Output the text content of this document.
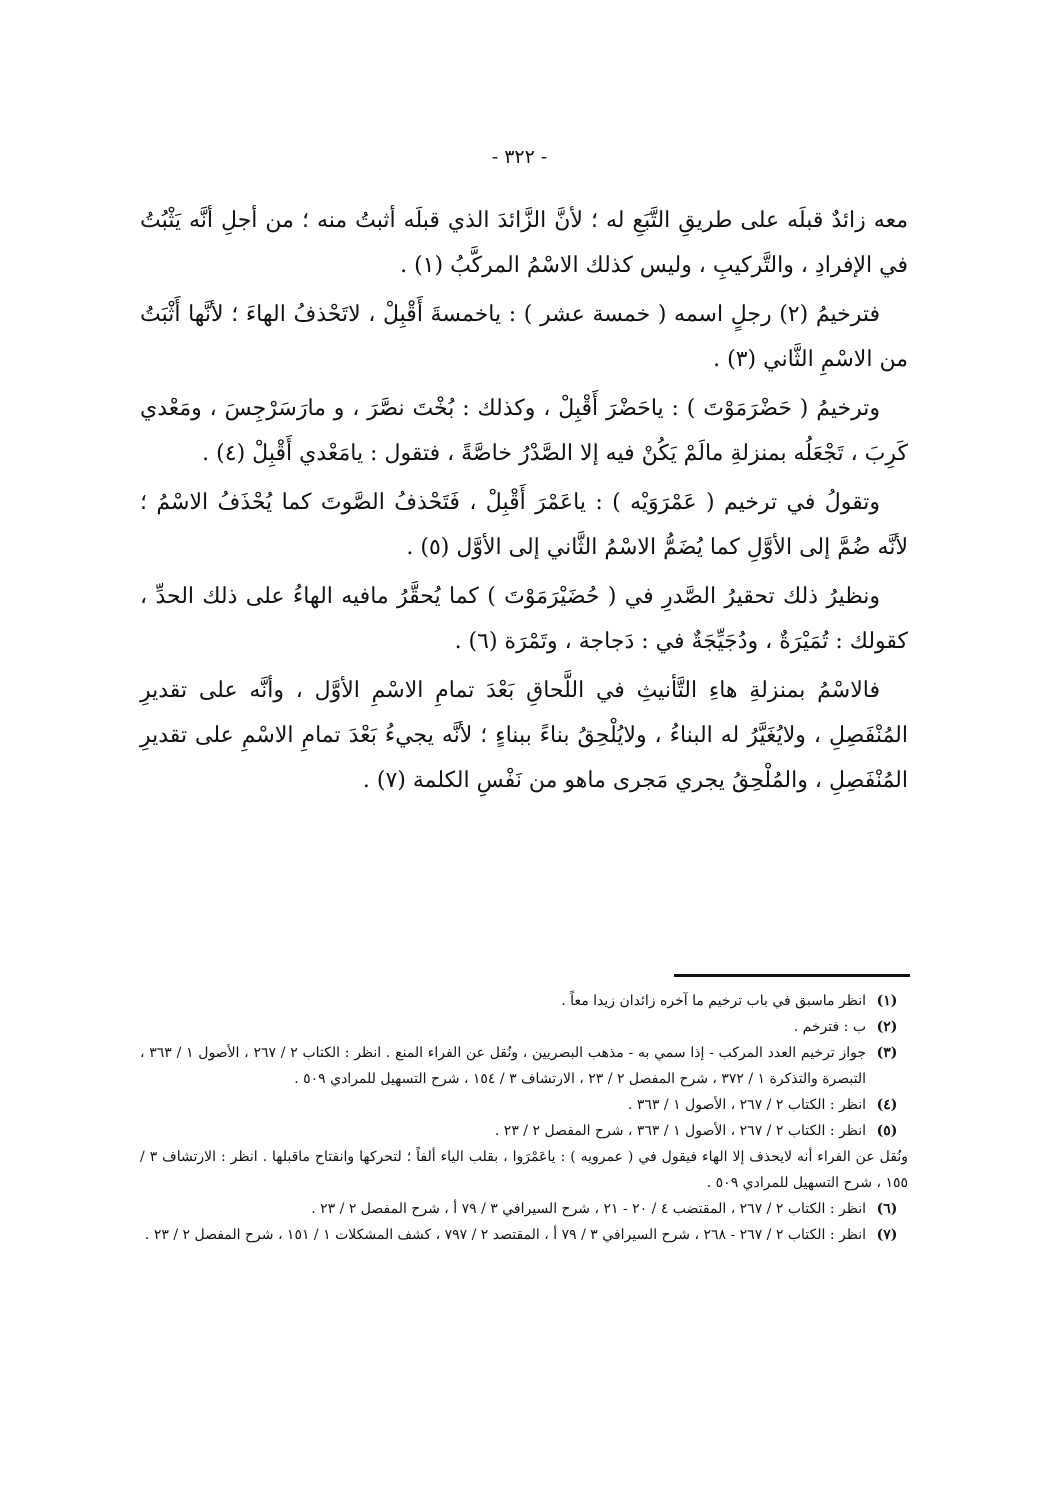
- ٣٢٢ -

معه زائدٌ قبلَه على طريقِ التَّبَعِ له ؛ لأنَّ الزَّائدَ الذي قبلَه أثبتُ منه ؛ من أجلِ أنَّه يَثْبُتُ في الإفرادِ ، والتَّركيبِ ، وليس كذلك الاسْمُ المركَّبُ (١) .

فترخيمُ (٢) رجلٍ اسمه ( خمسة عشر ) : ياخمسةَ أَقْبِلْ ، لاتَحْذفُ الهاءَ ؛ لأنَّها أَثْبَتُ من الاسْمِ الثَّاني (٣) .

وترخيمُ ( حَضْرَمَوْتَ ) : ياحَضْرَ أَقْبِلْ ، وكذلك : بُخْتَ نصَّرَ ، و مارَسَرْجِسَ ، ومَعْدي كَرِبَ ، تَجْعَلُه بمنزلةِ مالَمْ يَكُنْ فيه إلا الصَّدْرُ خاصَّةً ، فتقول : يامَعْدي أَقْبِلْ (٤) .

وتقولُ في ترخيم ( عَمْرَوَيْه ) : ياعَمْرَ أَقْبِلْ ، فَتَحْذفُ الصَّوتَ كما يُحْذَفُ الاسْمُ ؛ لأنَّه ضُمَّ إلى الأوَّلِ كما يُضَمُّ الاسْمُ الثَّاني إلى الأوَّل (٥) .

ونظيرُ ذلك تحقيرُ الصَّدرِ في ( حُضَيْرَمَوْتَ ) كما يُحقَّرُ مافيه الهاءُ على ذلك الحدِّ ، كقولك : تُمَيْرَةٌ ، ودُجَيِّجَةٌ في : دَجاجة ، وتَمْرَة (٦) .

فالاسْمُ بمنزلةِ هاءِ التَّأنيثِ في اللَّحاقِ بَعْدَ تمامِ الاسْمِ الأوَّل ، وأنَّه على تقديرِ المُنْفَصِلِ ، ولايُغَيَّرُ له البناءُ ، ولايُلْحِقُ بناءً ببناءٍ ؛ لأنَّه يجيءُ بَعْدَ تمامِ الاسْمِ على تقديرِ المُنْفَصِلِ ، والمُلْحِقُ يجري مَجرى ماهو من نَفْسِ الكلمة (٧) .

(١)
انظر ماسبق في باب ترخيم ما آخره زائدان زيدا معاً .
(٢)
ب : فترخم .
(٣)
جواز ترخيم العدد المركب - إذا سمي به - مذهب البصريين ، ونُقل عن الفراء المنع . انظر : الكتاب ٢ / ٢٦٧ ، الأصول ١ / ٣٦٣ ، التبصرة والتذكرة ١ / ٣٧٢ ، شرح المفصل ٢ / ٢٣ ، الارتشاف ٣ / ١٥٤ ، شرح التسهيل للمرادي ٥٠٩ .
(٤)
انظر : الكتاب ٢ / ٢٦٧ ، الأصول ١ / ٣٦٣ .
(٥)
انظر : الكتاب ٢ / ٢٦٧ ، الأصول ١ / ٣٦٣ ، شرح المفصل ٢ / ٢٣ .
ونُقل عن الفراء أنه لايحذف إلا الهاء فيقول في ( عمرويه ) : ياعَمْرَوا ، بقلب الياء ألفاً ؛ لتحركها وانفتاح ماقبلها . انظر : الارتشاف ٣ / ١٥٥ ، شرح التسهيل للمرادي ٥٠٩ .
(٦)
انظر : الكتاب ٢ / ٢٦٧ ، المقتضب ٤ / ٢٠ - ٢١ ، شرح السيرافي ٣ / ٧٩ أ ، شرح المفصل ٢ / ٢٣ .
(٧)
انظر : الكتاب ٢ / ٢٦٧ - ٢٦٨ ، شرح السيرافي ٣ / ٧٩ أ ، المقتصد ٢ / ٧٩٧ ، كشف المشكلات ١ / ١٥١ ، شرح المفصل ٢ / ٢٣ .
